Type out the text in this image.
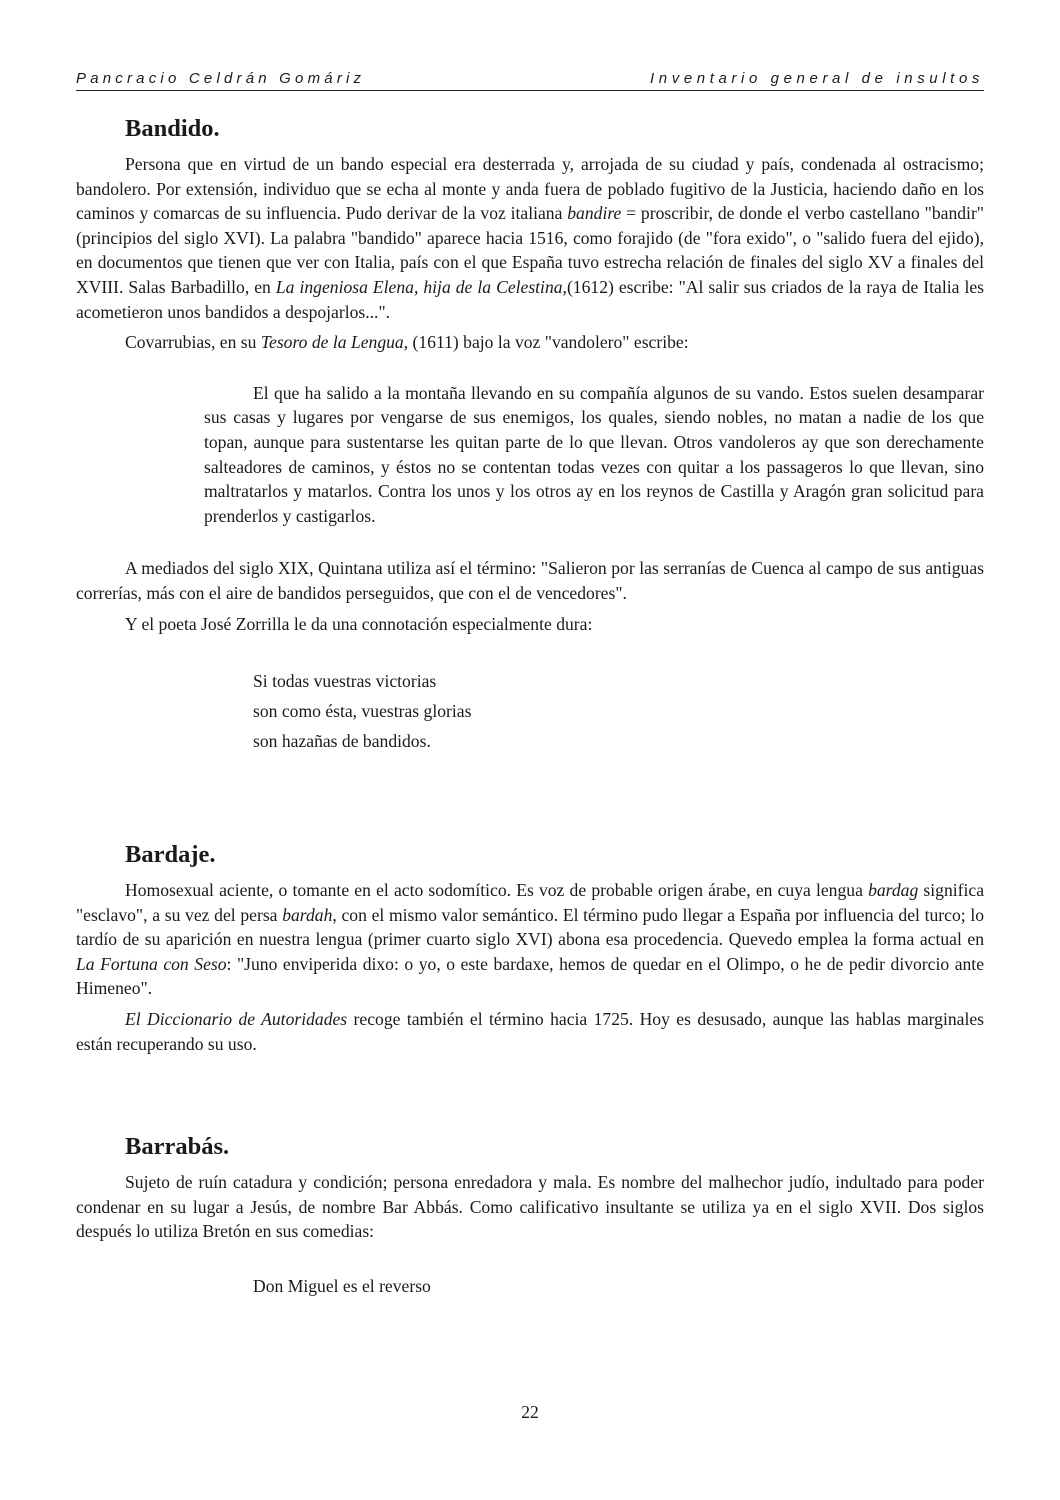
Pancracio Celdrán Gomáriz	Inventario general de insultos
Bandido.

Persona que en virtud de un bando especial era desterrada y, arrojada de su ciudad y país, condenada al ostracismo; bandolero. Por extensión, individuo que se echa al monte y anda fuera de poblado fugitivo de la Justicia, haciendo daño en los caminos y comarcas de su influencia. Pudo derivar de la voz italiana bandire = proscribir, de donde el verbo castellano "bandir" (principios del siglo XVI). La palabra "bandido" aparece hacia 1516, como forajido (de "fora exido", o "salido fuera del ejido), en documentos que tienen que ver con Italia, país con el que España tuvo estrecha relación de finales del siglo XV a finales del XVIII. Salas Barbadillo, en La ingeniosa Elena, hija de la Celestina,(1612) escribe: "Al salir sus criados de la raya de Italia les acometieron unos bandidos a despojarlos...".

Covarrubias, en su Tesoro de la Lengua, (1611) bajo la voz "vandolero" escribe:

El que ha salido a la montaña llevando en su compañía algunos de su vando. Estos suelen desamparar sus casas y lugares por vengarse de sus enemigos, los quales, siendo nobles, no matan a nadie de los que topan, aunque para sustentarse les quitan parte de lo que llevan. Otros vandoleros ay que son derechamente salteadores de caminos, y éstos no se contentan todas vezes con quitar a los passageros lo que llevan, sino maltratarlos y matarlos. Contra los unos y los otros ay en los reynos de Castilla y Aragón gran solicitud para prenderlos y castigarlos.

A mediados del siglo XIX, Quintana utiliza así el término: "Salieron por las serranías de Cuenca al campo de sus antiguas correrías, más con el aire de bandidos perseguidos, que con el de vencedores".

Y el poeta José Zorrilla le da una connotación especialmente dura:

Si todas vuestras victorias
son como ésta, vuestras glorias
son hazañas de bandidos.
Bardaje.

Homosexual aciente, o tomante en el acto sodomítico. Es voz de probable origen árabe, en cuya lengua bardag significa "esclavo", a su vez del persa bardah, con el mismo valor semántico. El término pudo llegar a España por influencia del turco; lo tardío de su aparición en nuestra lengua (primer cuarto siglo XVI) abona esa procedencia. Quevedo emplea la forma actual en La Fortuna con Seso: "Juno enviperida dixo: o yo, o este bardaxe, hemos de quedar en el Olimpo, o he de pedir divorcio ante Himeneo".

El Diccionario de Autoridades recoge también el término hacia 1725. Hoy es desusado, aunque las hablas marginales están recuperando su uso.

Barrabás.

Sujeto de ruín catadura y condición; persona enredadora y mala. Es nombre del malhechor judío, indultado para poder condenar en su lugar a Jesús, de nombre Bar Abbás. Como calificativo insultante se utiliza ya en el siglo XVII. Dos siglos después lo utiliza Bretón en sus comedias:

Don Miguel es el reverso
22
